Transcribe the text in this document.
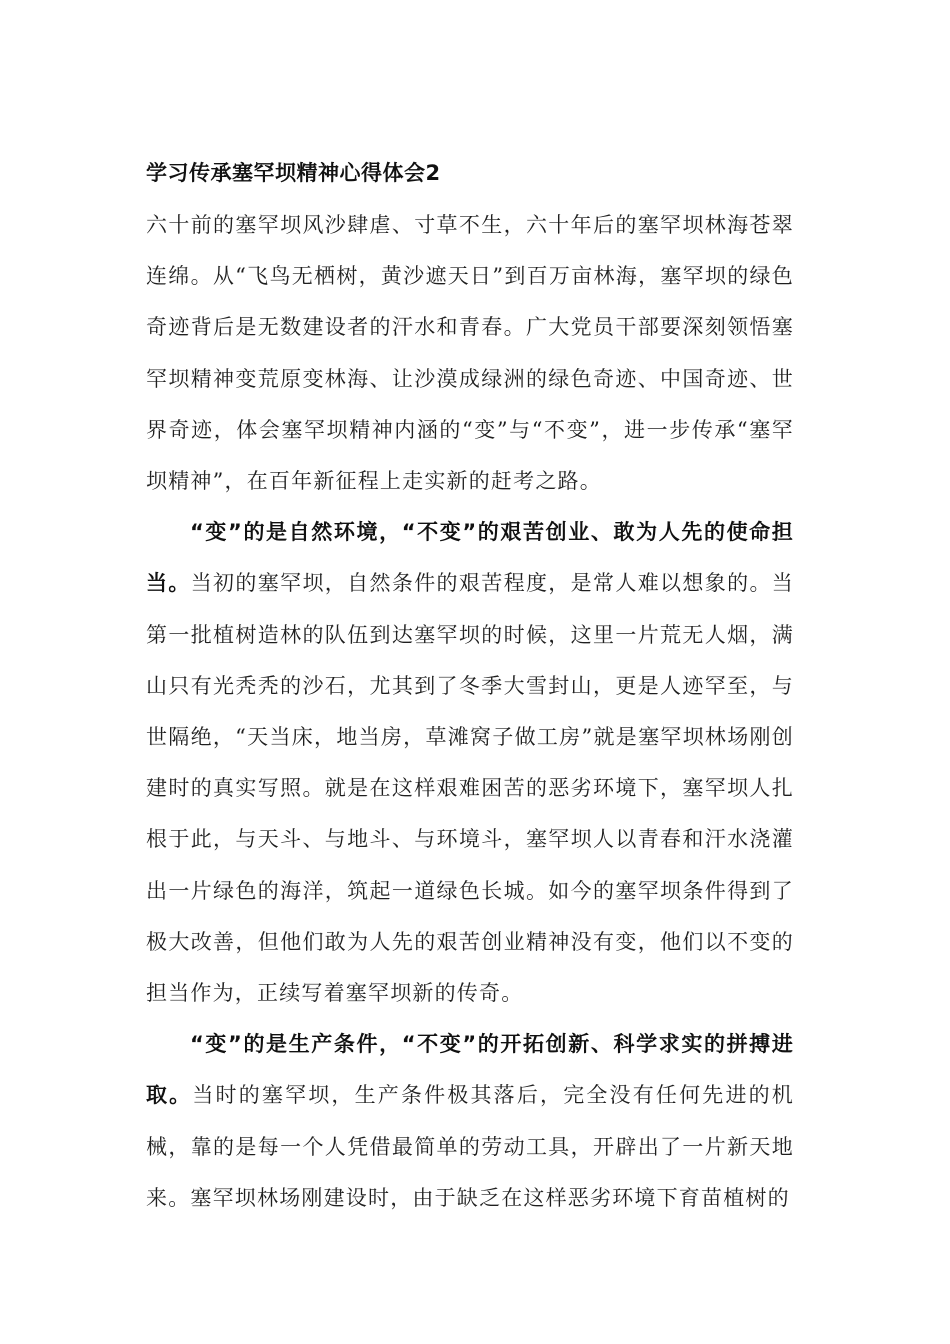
学习传承塞罕坝精神心得体会2

六十前的塞罕坝风沙肆虐、寸草不生，六十年后的塞罕坝林海苍翠连绵。从“飞鸟无栖树，黄沙遮天日”到百万亩林海，塞罕坝的绿色奇迹背后是无数建设者的汗水和青春。广大党员干部要深刻领悟塞罕坝精神变荒原变林海、让沙漠成绿洲的绿色奇迹、中国奇迹、世界奇迹，体会塞罕坝精神内涵的“变”与“不变”，进一步传承“塞罕坝精神”，在百年新征程上走实新的赶考之路。

“变”的是自然环境，“不变”的艰苦创业、敢为人先的使命担当。当初的塞罕坝，自然条件的艰苦程度，是常人难以想象的。当第一批植树造林的队伍到达塞罕坝的时候，这里一片荒无人烟，满山只有光秃秃的沙石，尤其到了冬季大雪封山，更是人迹罕至，与世隔绝，“天当床，地当房，草滩窝子做工房”就是塞罕坝林场刚创建时的真实写照。就是在这样艰难困苦的恶劣环境下，塞罕坝人扎根于此，与天斗、与地斗、与环境斗，塞罕坝人以青春和汗水浇灌出一片绿色的海洋，筑起一道绿色长城。如今的塞罕坝条件得到了极大改善，但他们敢为人先的艰苦创业精神没有变，他们以不变的担当作为，正续写着塞罕坝新的传奇。

“变”的是生产条件，“不变”的开拓创新、科学求实的拼搏进取。当时的塞罕坝，生产条件极其落后，完全没有任何先进的机械，靠的是每一个人凭借最简单的劳动工具，开辟出了一片新天地来。塞罕坝林场刚建设时，由于缺乏在这样恶劣环境下育苗植树的
